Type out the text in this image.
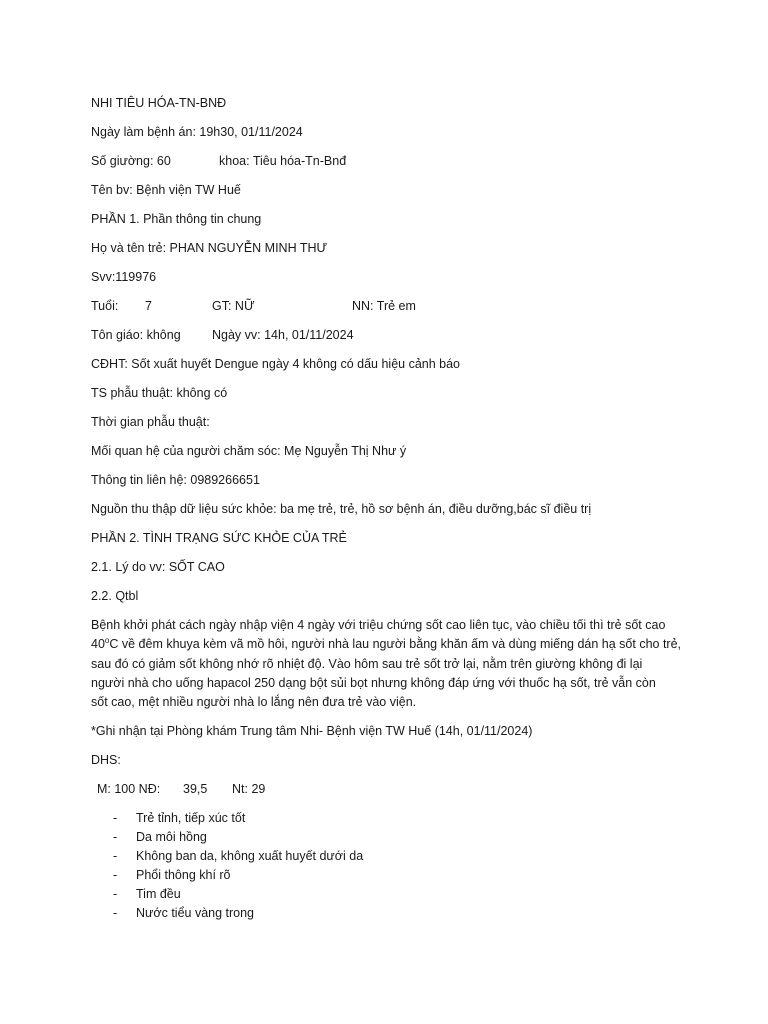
NHI TIÊU HÓA-TN-BNĐ
Ngày làm bệnh án: 19h30, 01/11/2024
Số giường: 60	khoa: Tiêu hóa-Tn-Bnđ
Tên bv: Bệnh viện TW Huế
PHẦN 1. Phần thông tin chung
Họ và tên trẻ: PHAN NGUYỄN MINH THƯ
Svv:119976
Tuổi: 7	GT: NỮ	NN: Trẻ em
Tôn giáo: không	Ngày vv: 14h, 01/11/2024
CĐHT: Sốt xuất huyết Dengue ngày 4 không có dấu hiệu cảnh báo
TS phẫu thuật: không có
Thời gian phẫu thuật:
Mối quan hệ của người chăm sóc: Mẹ Nguyễn Thị Như ý
Thông tin liên hệ: 0989266651
Nguồn thu thập dữ liệu sức khỏe: ba mẹ trẻ, trẻ, hồ sơ bệnh án, điều dưỡng,bác sĩ điều trị
PHẦN 2. TÌNH TRẠNG SỨC KHỎE CỦA TRẺ
2.1. Lý do vv: SỐT CAO
2.2. Qtbl
Bệnh khởi phát cách ngày nhập viện 4 ngày với triệu chứng sốt cao liên tục, vào chiều tối thì trẻ sốt cao
40$^o$C về đêm khuya kèm vã mồ hôi, người nhà lau người bằng khăn ấm và dùng miếng dán hạ sốt cho trẻ,
sau đó có giảm sốt không nhớ rõ nhiệt độ. Vào hôm sau trẻ sốt trở lại, nằm trên giường không đi lại
người nhà cho uống hapacol 250 dạng bột sủi bọt nhưng không đáp ứng với thuốc hạ sốt, trẻ vẫn còn
sốt cao, mệt nhiều người nhà lo lắng nên đưa trẻ vào viện.
*Ghi nhận tại Phòng khám Trung tâm Nhi- Bệnh viện TW Huế (14h, 01/11/2024)
DHS:
M: 100 NĐ: 39,5 Nt: 29
- Trẻ tỉnh, tiếp xúc tốt
- Da môi hồng
- Không ban da, không xuất huyết dưới da
- Phổi thông khí rõ
- Tim đều
- Nước tiểu vàng trong
